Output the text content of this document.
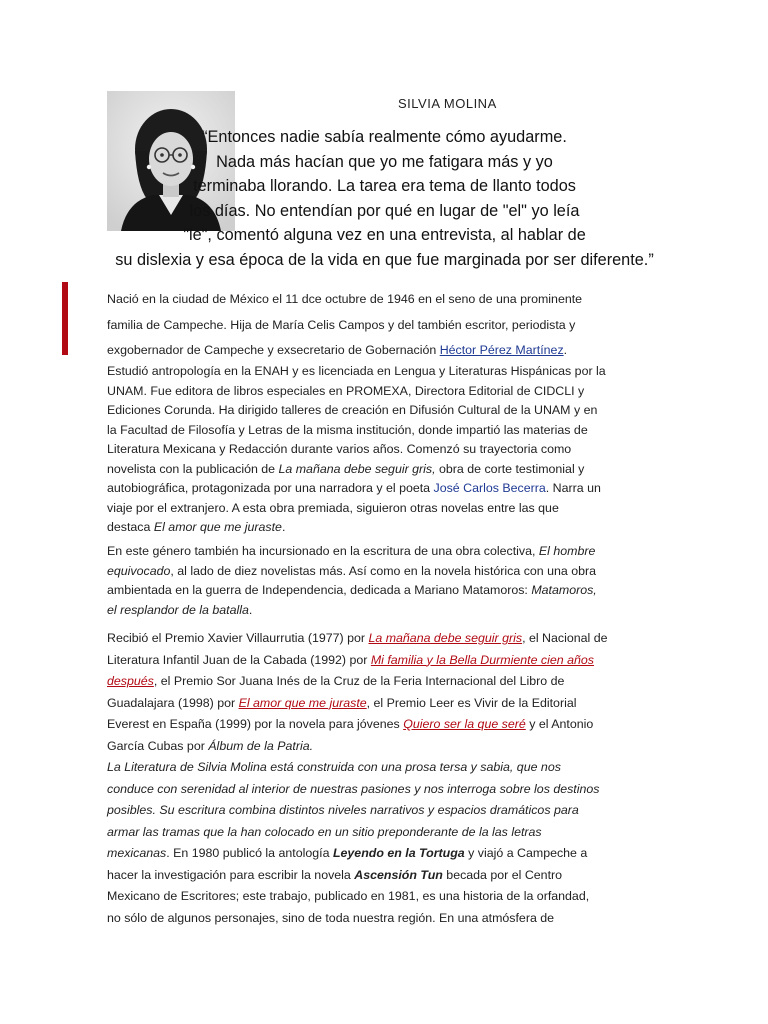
SILVIA MOLINA
“Entonces nadie sabía realmente cómo ayudarme.
Nada más hacían que yo me fatigara más y yo
terminaba llorando. La tarea era tema de llanto todos
los días. No entendían por qué en lugar de "el" yo leía
"le", comentó alguna vez en una entrevista, al hablar de
su dislexia y esa época de la vida en que fue marginada por ser diferente.”
Nació en la ciudad de México el 11 dce octubre de 1946 en el seno de una prominente
familia de Campeche. Hija de María Celis Campos y del también escritor, periodista y
exgobernador de Campeche y exsecretario de Gobernación Héctor Pérez Martínez.
Estudió antropología en la ENAH y es licenciada en Lengua y Literaturas Hispánicas por la
UNAM. Fue editora de libros especiales en PROMEXA, Directora Editorial de CIDCLI y
Ediciones Corunda. Ha dirigido talleres de creación en Difusión Cultural de la UNAM y en
la Facultad de Filosofía y Letras de la misma institución, donde impartió las materias de
Literatura Mexicana y Redacción durante varios años. Comenzó su trayectoria como
novelista con la publicación de La mañana debe seguir gris, obra de corte testimonial y
autobiográfica, protagonizada por una narradora y el poeta José Carlos Becerra. Narra un
viaje por el extranjero. A esta obra premiada, siguieron otras novelas entre las que
destaca El amor que me juraste.
En este género también ha incursionado en la escritura de una obra colectiva, El hombre
equivocado, al lado de diez novelistas más. Así como en la novela histórica con una obra
ambientada en la guerra de Independencia, dedicada a Mariano Matamoros: Matamoros,
el resplandor de la batalla.
Recibió el Premio Xavier Villaurrutia (1977) por La mañana debe seguir gris, el Nacional de
Literatura Infantil Juan de la Cabada (1992) por Mi familia y la Bella Durmiente cien años
después, el Premio Sor Juana Inés de la Cruz de la Feria Internacional del Libro de
Guadalajara (1998) por El amor que me juraste, el Premio Leer es Vivir de la Editorial
Everest en España (1999) por la novela para jóvenes Quiero ser la que seré y el Antonio
García Cubas por Álbum de la Patria.
La Literatura de Silvia Molina está construida con una prosa tersa y sabia, que nos
conduce con serenidad al interior de nuestras pasiones y nos interroga sobre los destinos
posibles. Su escritura combina distintos niveles narrativos y espacios dramáticos para
armar las tramas que la han colocado en un sitio preponderante de la las letras
mexicanas. En 1980 publicó la antología Leyendo en la Tortuga y viajó a Campeche a
hacer la investigación para escribir la novela Ascensión Tun becada por el Centro
Mexicano de Escritores; este trabajo, publicado en 1981, es una historia de la orfandad,
no sólo de algunos personajes, sino de toda nuestra región. En una atmósfera de
